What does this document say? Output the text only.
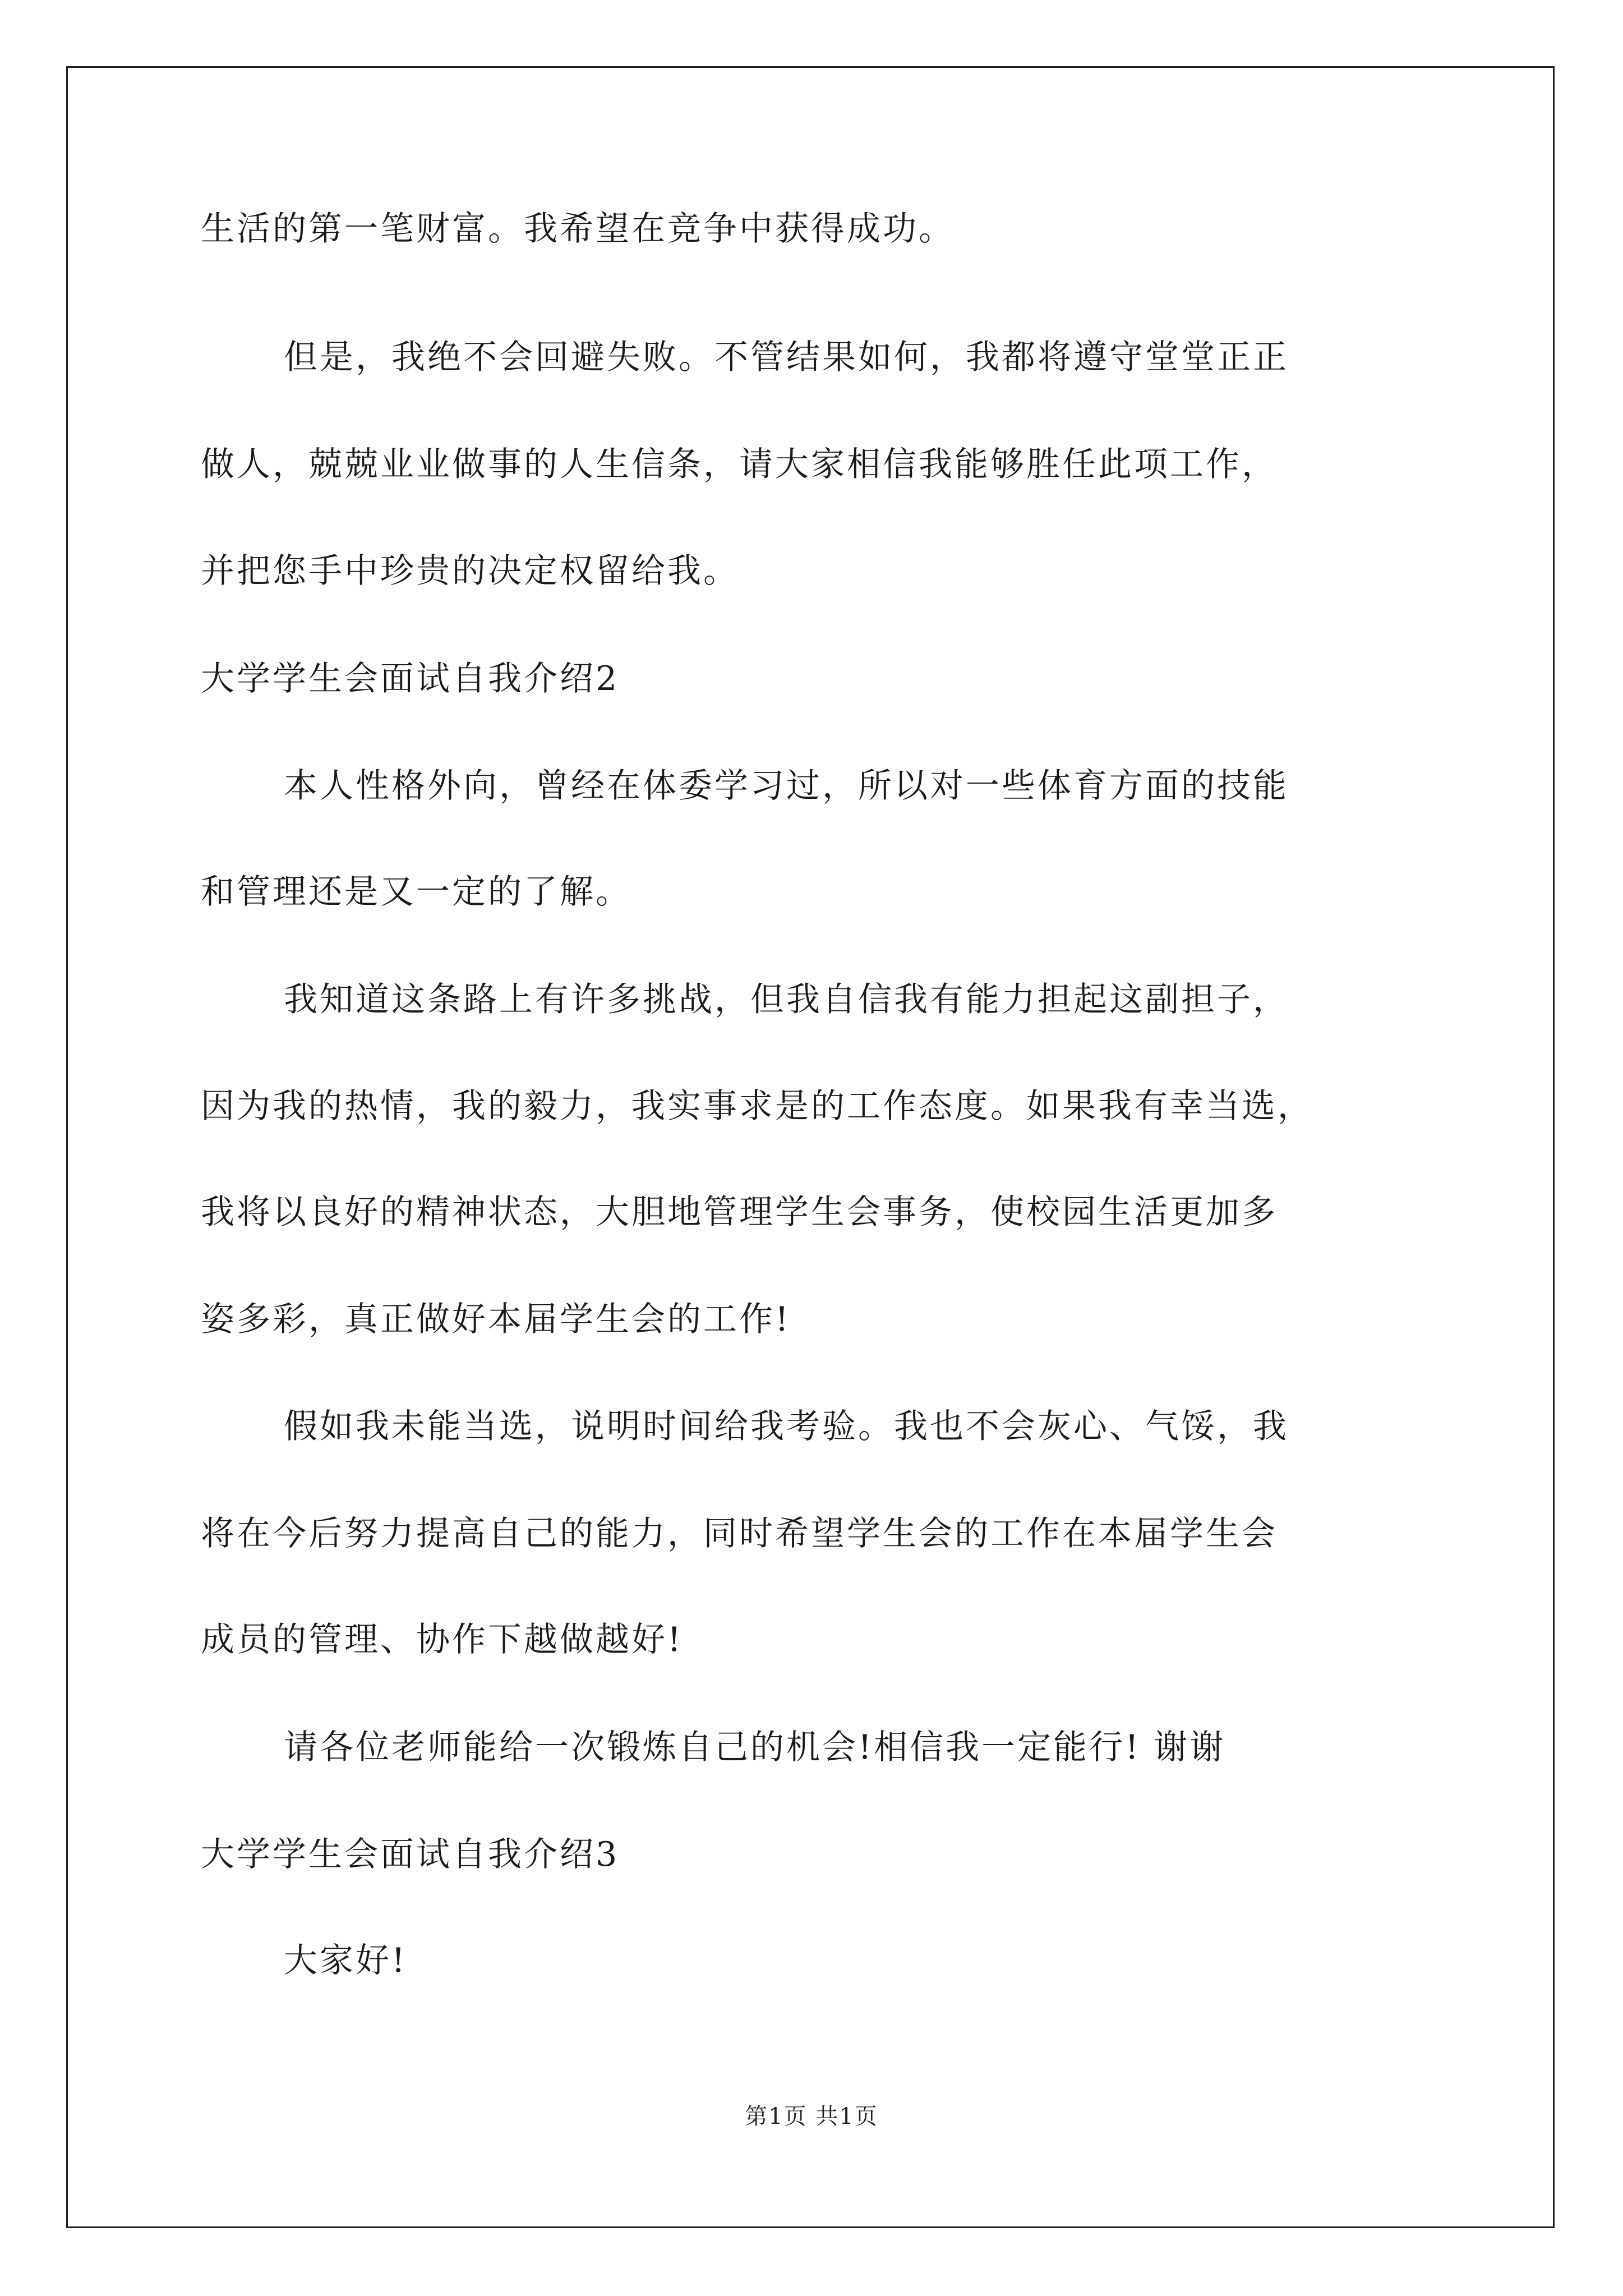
生活的第一笔财富。我希望在竞争中获得成功。
但是，我绝不会回避失败。不管结果如何，我都将遵守堂堂正正
做人，兢兢业业做事的人生信条，请大家相信我能够胜任此项工作，
并把您手中珍贵的决定权留给我。
大学学生会面试自我介绍2
本人性格外向，曾经在体委学习过，所以对一些体育方面的技能
和管理还是又一定的了解。
我知道这条路上有许多挑战，但我自信我有能力担起这副担子，
因为我的热情，我的毅力，我实事求是的工作态度。如果我有幸当选，
我将以良好的精神状态，大胆地管理学生会事务，使校园生活更加多
姿多彩，真正做好本届学生会的工作!
假如我未能当选，说明时间给我考验。我也不会灰心、气馁，我
将在今后努力提高自己的能力，同时希望学生会的工作在本届学生会
成员的管理、协作下越做越好!
请各位老师能给一次锻炼自己的机会!相信我一定能行! 谢谢
大学学生会面试自我介绍3
大家好!
第1页 共1页
